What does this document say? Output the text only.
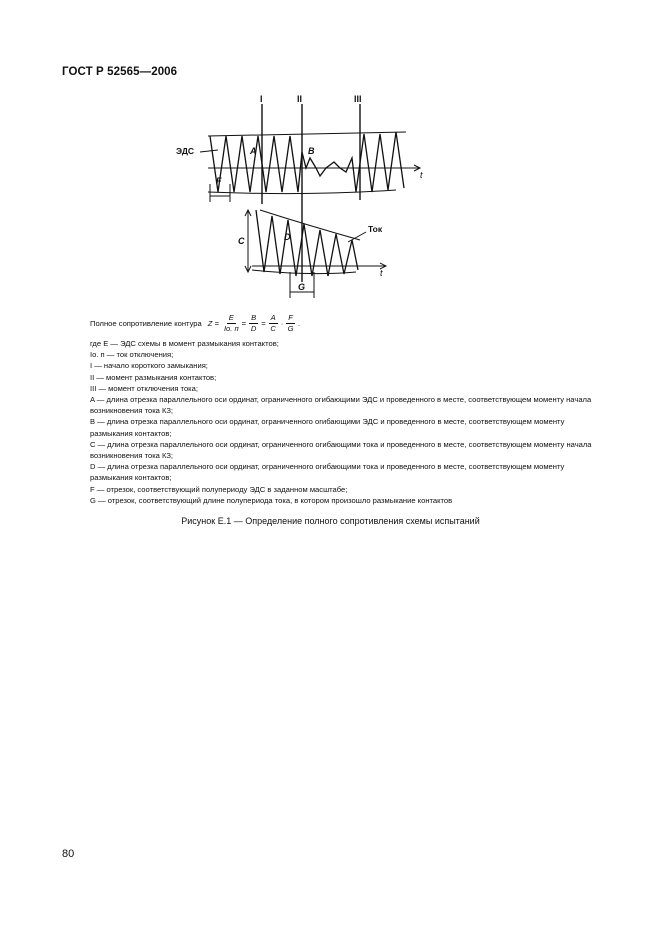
ГОСТ Р 52565—2006
I	II	III
ЭДС
Ток
A	B
C	D
F
G
t
t
Полное сопротивление контура $Z = \frac{E}{Iо. п} = \frac{B}{D} = \frac{A}{C} \cdot \frac{F}{G}$ .

где E — ЭДС схемы в момент размыкания контактов;

Iо. п — ток отключения;

I — начало короткого замыкания;

II — момент размыкания контактов;

III — момент отключения тока;

A — длина отрезка параллельного оси ординат, ограниченного огибающими ЭДС и проведенного в месте, соответствующем моменту начала возникновения тока КЗ;

B — длина отрезка параллельного оси ординат, ограниченного огибающими ЭДС и проведенного в месте, соответствующем моменту размыкания контактов;

C — длина отрезка параллельного оси ординат, ограниченного огибающими тока и проведенного в месте, соответствующем моменту начала возникновения тока КЗ;

D — длина отрезка параллельного оси ординат, ограниченного огибающими тока и проведенного в месте, соответствующем моменту размыкания контактов;

F — отрезок, соответствующий полупериоду ЭДС в заданном масштабе;

G — отрезок, соответствующий длине полупериода тока, в котором произошло размыкание контактов

Рисунок Е.1 — Определение полного сопротивления схемы испытаний
80
